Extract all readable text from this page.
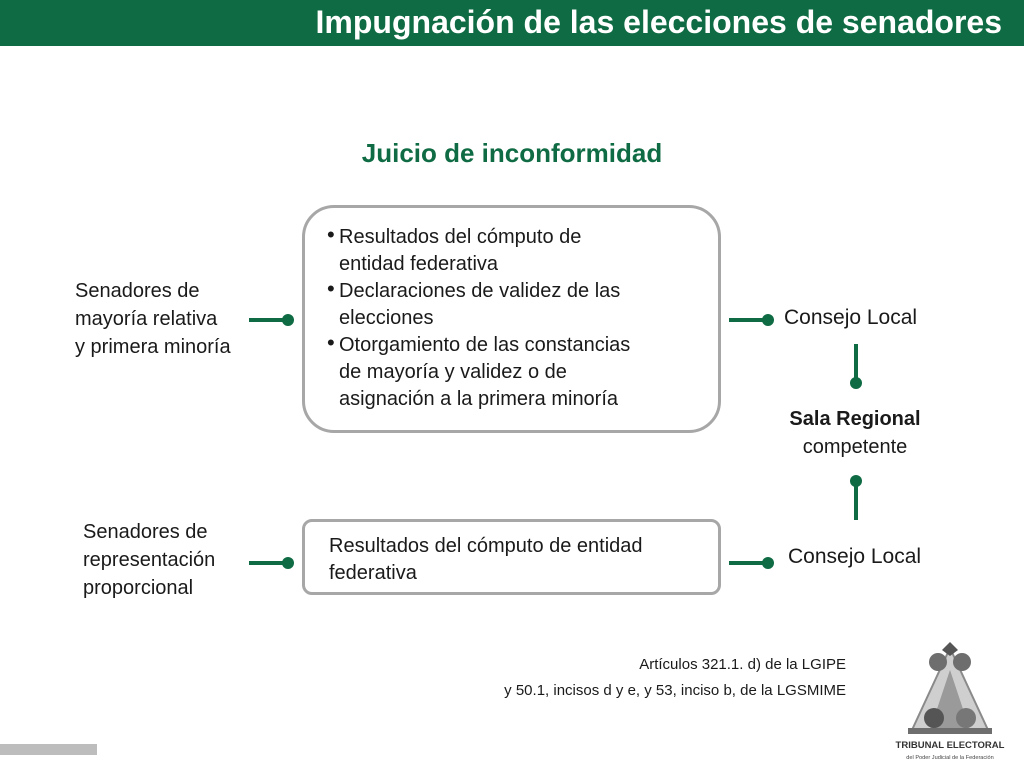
Impugnación de las elecciones de senadores
Juicio de inconformidad
Senadores de
mayoría relativa
y primera minoría
Senadores de
representación
proporcional
• Resultados del cómputo de
entidad federativa
• Declaraciones de validez de las
elecciones
• Otorgamiento de las constancias
de mayoría y validez o de
asignación a la primera minoría
Resultados del cómputo de entidad
federativa
Consejo Local
Consejo Local
Sala Regional
competente
Artículos 321.1. d) de la LGIPE
y 50.1, incisos d y e, y 53, inciso b, de la LGSMIME
TRIBUNAL ELECTORAL
del Poder Judicial de la Federación
